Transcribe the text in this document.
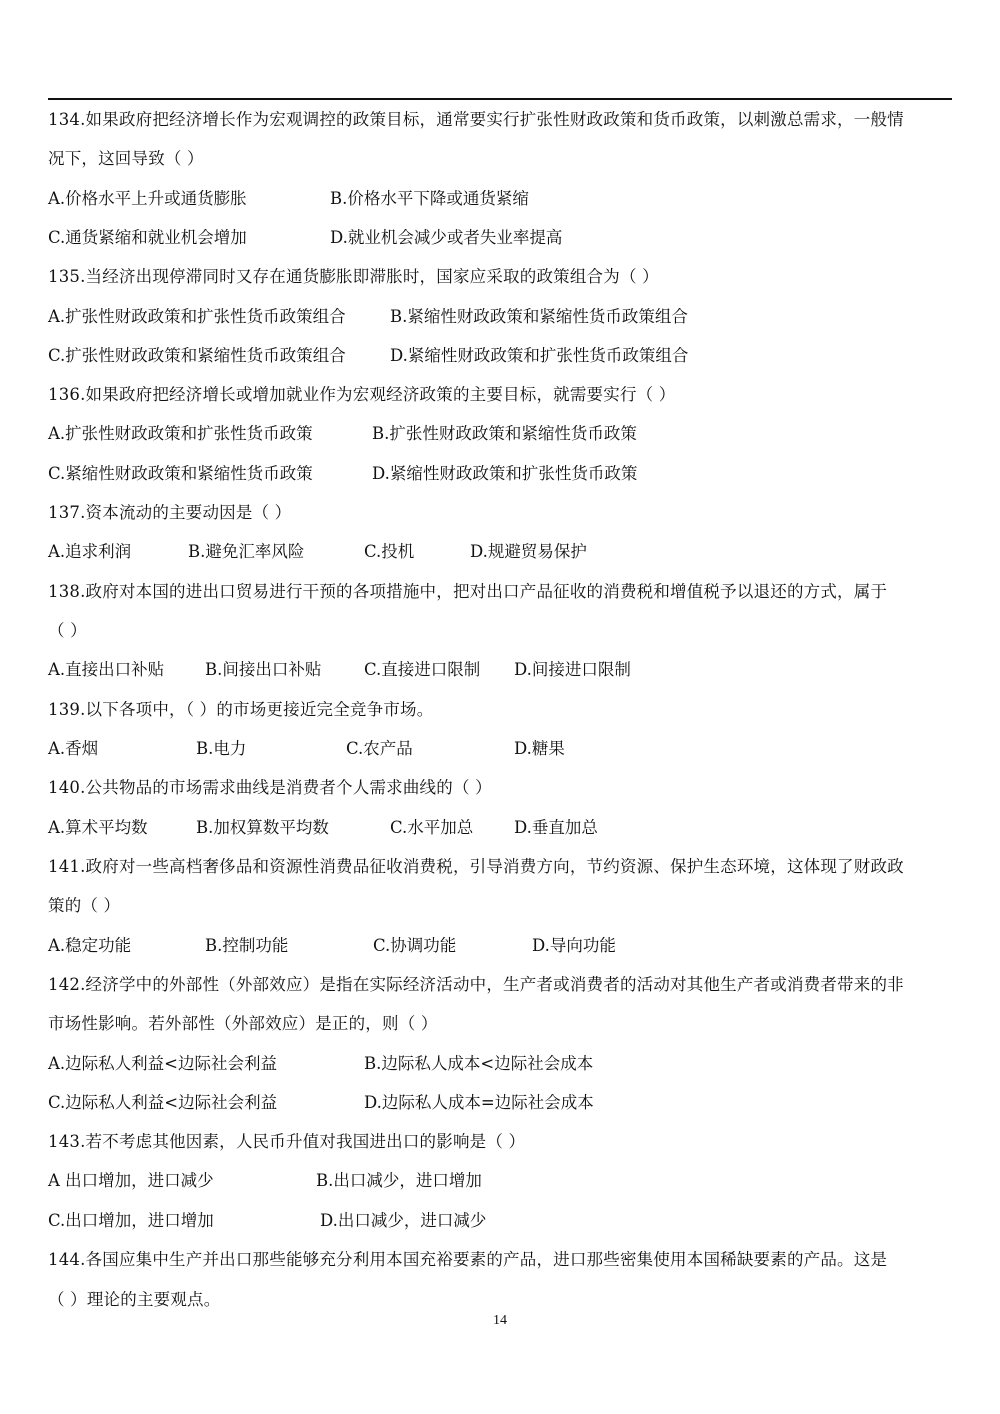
134.如果政府把经济增长作为宏观调控的政策目标，通常要实行扩张性财政政策和货币政策，以刺激总需求，一般情
况下，这回导致（ ）
A.价格水平上升或通货膨胀	B.价格水平下降或通货紧缩
C.通货紧缩和就业机会增加	D.就业机会减少或者失业率提高
135.当经济出现停滞同时又存在通货膨胀即滞胀时，国家应采取的政策组合为（ ）
A.扩张性财政政策和扩张性货币政策组合	B.紧缩性财政政策和紧缩性货币政策组合
C.扩张性财政政策和紧缩性货币政策组合	D.紧缩性财政政策和扩张性货币政策组合
136.如果政府把经济增长或增加就业作为宏观经济政策的主要目标，就需要实行（ ）
A.扩张性财政政策和扩张性货币政策	B.扩张性财政政策和紧缩性货币政策
C.紧缩性财政政策和紧缩性货币政策	D.紧缩性财政政策和扩张性货币政策
137.资本流动的主要动因是（ ）
A.追求利润	B.避免汇率风险	C.投机	D.规避贸易保护
138.政府对本国的进出口贸易进行干预的各项措施中，把对出口产品征收的消费税和增值税予以退还的方式，属于
（ ）
A.直接出口补贴 B.间接出口补贴	C.直接进口限制 D.间接进口限制
139.以下各项中，（ ）的市场更接近完全竞争市场。
A.香烟	B.电力	C.农产品	D.糖果
140.公共物品的市场需求曲线是消费者个人需求曲线的（ ）
A.算术平均数	B.加权算数平均数	C.水平加总 D.垂直加总
141.政府对一些高档奢侈品和资源性消费品征收消费税，引导消费方向，节约资源、保护生态环境，这体现了财政政
策的（ ）
A.稳定功能	B.控制功能	C.协调功能	D.导向功能
142.经济学中的外部性（外部效应）是指在实际经济活动中，生产者或消费者的活动对其他生产者或消费者带来的非
市场性影响。若外部性（外部效应）是正的，则（ ）
A.边际私人利益<边际社会利益	B.边际私人成本<边际社会成本
C.边际私人利益<边际社会利益	D.边际私人成本=边际社会成本
143.若不考虑其他因素，人民币升值对我国进出口的影响是（ ）
A 出口增加，进口减少	B.出口减少，进口增加
C.出口增加，进口增加	D.出口减少，进口减少
144.各国应集中生产并出口那些能够充分利用本国充裕要素的产品，进口那些密集使用本国稀缺要素的产品。这是
（ ）理论的主要观点。
14
